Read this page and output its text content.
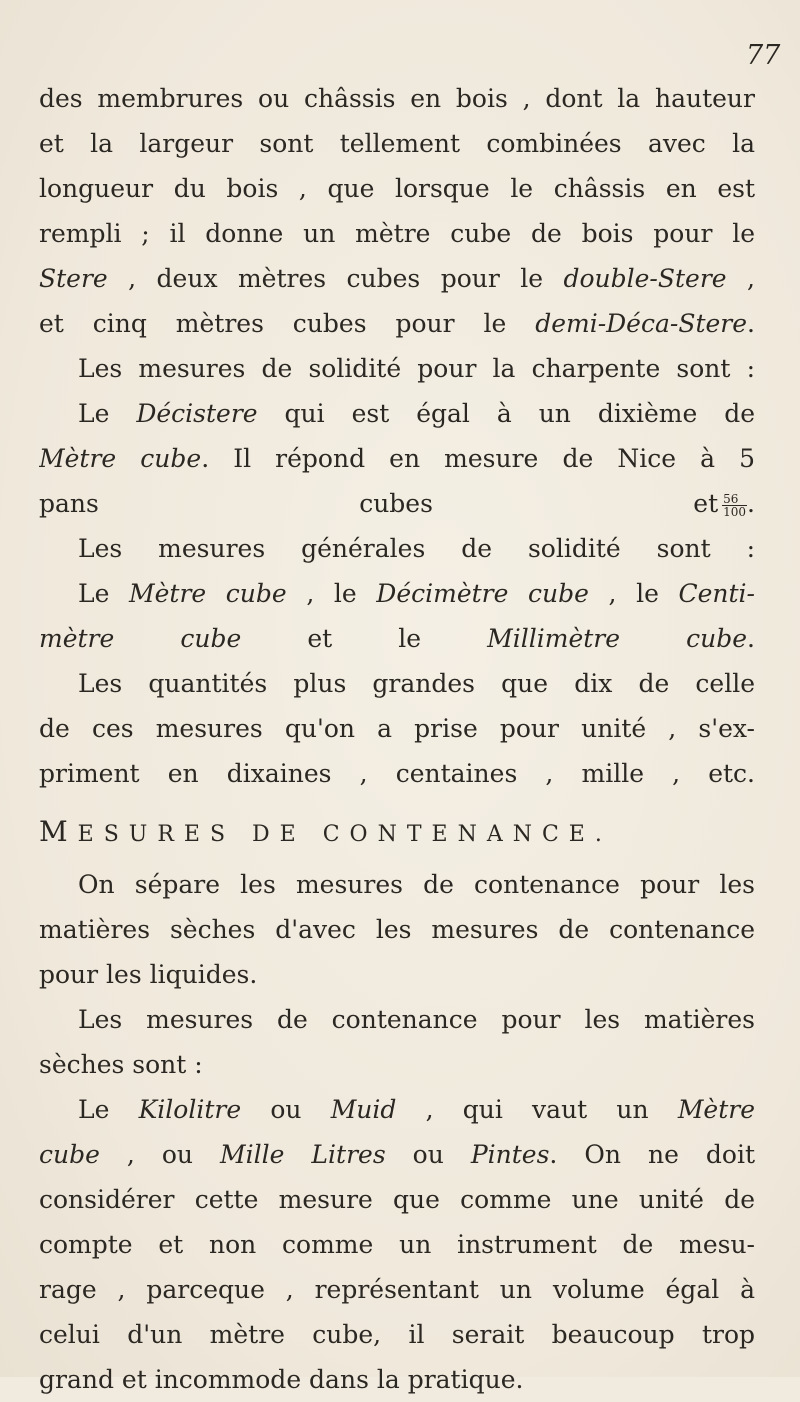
77
des membrures ou châssis en bois , dont la hauteur
et la largeur sont tellement combinées avec la
longueur du bois , que lorsque le châssis en est
rempli ; il donne un mètre cube de bois pour le
Stere , deux mètres cubes pour le double-Stere ,
et cinq mètres cubes pour le demi-Déca-Stere.
Les mesures de solidité pour la charpente sont :
Le Décistere qui est égal à un dixième de
Mètre cube. Il répond en mesure de Nice à 5
pans cubes et $\frac{56}{100}$ .
Les mesures générales de solidité sont :
Le Mètre cube , le Décimètre cube , le Centi-
mètre cube et le Millimètre cube.
Les quantités plus grandes que dix de celle
de ces mesures qu'on a prise pour unité , s'ex-
priment en dixaines , centaines , mille , etc.
MESURES DE CONTENANCE.
On sépare les mesures de contenance pour les
matières sèches d'avec les mesures de contenance
pour les liquides.
Les mesures de contenance pour les matières
sèches sont :
Le Kilolitre ou Muid , qui vaut un Mètre
cube , ou Mille Litres ou Pintes. On ne doit
considérer cette mesure que comme une unité de
compte et non comme un instrument de mesu-
rage , parceque , représentant un volume égal à
celui d'un mètre cube, il serait beaucoup trop
grand et incommode dans la pratique.
